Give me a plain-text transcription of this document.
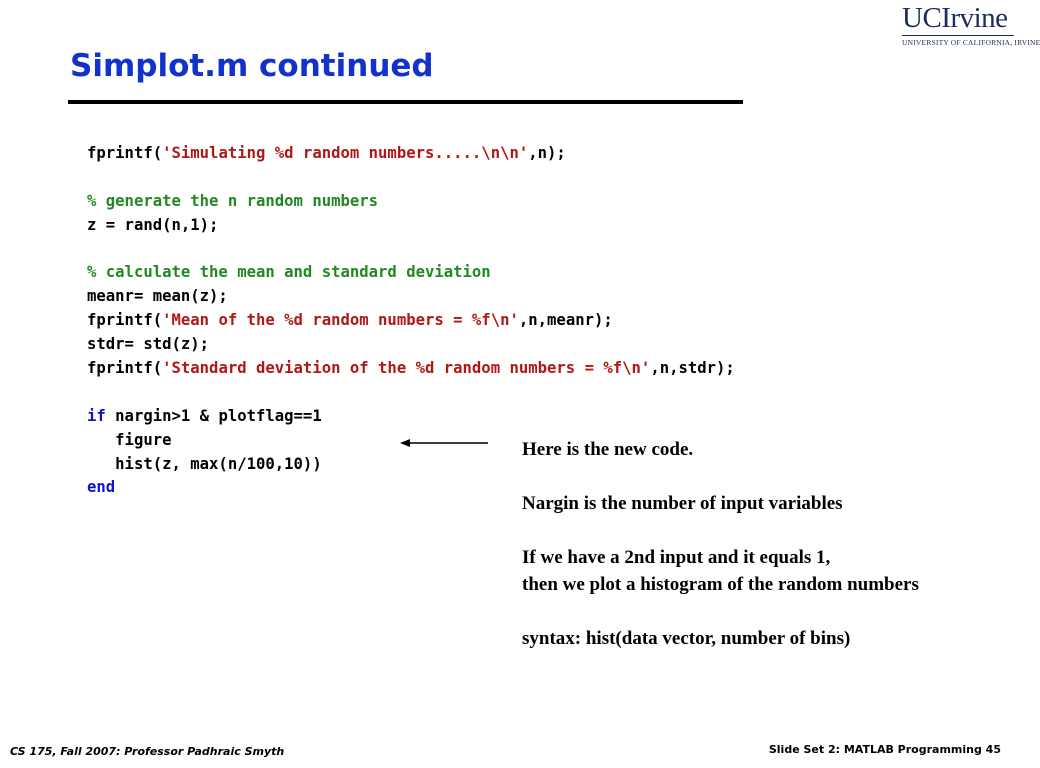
Simplot.m continued
UCIrvine
UNIVERSITY OF CALIFORNIA, IRVINE
fprintf('Simulating %d random numbers.....\n\n',n);
% generate the n random numbers
z = rand(n,1);
% calculate the mean and standard deviation
meanr= mean(z);
fprintf('Mean of the %d random numbers = %f\n',n,meanr);
stdr= std(z);
fprintf('Standard deviation of the %d random numbers = %f\n',n,stdr);
if nargin>1 & plotflag==1
figure
hist(z, max(n/100,10))
end
Here is the new code.
Nargin is the number of input variables
If we have a 2nd input and it equals 1,
then we plot a histogram of the random numbers
syntax: hist(data vector, number of bins)
CS 175, Fall 2007: Professor Padhraic Smyth	Slide Set 2: MATLAB Programming 45
